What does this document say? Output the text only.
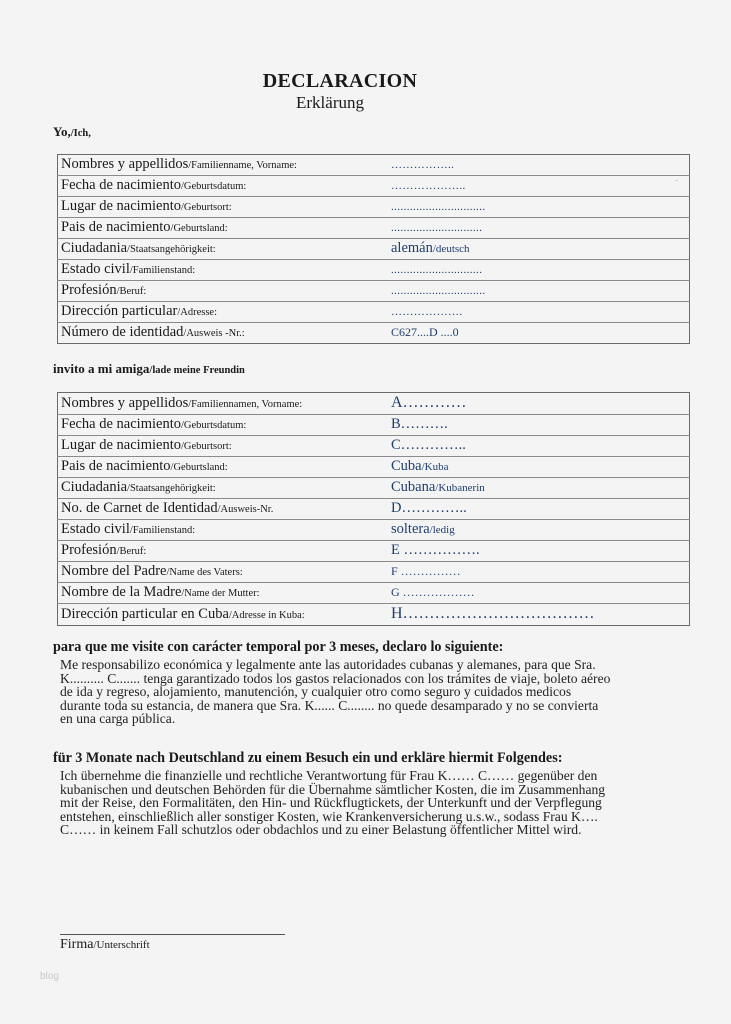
DECLARACION
Erklärung
Yo,/Ich,
Nombres y appellidos/Familienname, Vorname:	……………..
Fecha de nacimiento/Geburtsdatum:	………………..
Lugar de nacimiento/Geburtsort:	..............................
Pais de nacimiento/Geburtsland:	.............................
Ciudadania/Staatsangehörigkeit:	alemán/deutsch
Estado civil/Familienstand:	.............................
Profesión/Beruf:	..............................
Dirección particular/Adresse:	……………….
Número de identidad/Ausweis -Nr.:	C627....D ....0
invito a mi amiga/lade meine Freundin
Nombres y appellidos/Familiennamen, Vorname:	A…………
Fecha de nacimiento/Geburtsdatum:	B……….
Lugar de nacimiento/Geburtsort:	C…………..
Pais de nacimiento/Geburtsland:	Cuba/Kuba
Ciudadania/Staatsangehörigkeit:	Cubana/Kubanerin
No. de Carnet de Identidad/Ausweis-Nr.	D…………..
Estado civil/Familienstand:	soltera/ledig
Profesión/Beruf:	E …………….
Nombre del Padre/Name des Vaters:	F ……………
Nombre de la Madre/Name der Mutter:	G ………………
Dirección particular en Cuba/Adresse in Kuba:	H………………………………
para que me visite con carácter temporal por 3 meses, declaro lo siguiente:
Me responsabilizo económica y legalmente ante las autoridades cubanas y alemanes, para que Sra.
K.......... C....... tenga garantizado todos los gastos relacionados con los trámites de viaje, boleto aéreo
de ida y regreso, alojamiento, manutención, y cualquier otro como seguro y cuidados medicos
durante toda su estancia, de manera que Sra. K...... C........ no quede desamparado y no se convierta
en una carga pública.
für 3 Monate nach Deutschland zu einem Besuch ein und erkläre hiermit Folgendes:
Ich übernehme die finanzielle und rechtliche Verantwortung für Frau K…… C…… gegenüber den
kubanischen und deutschen Behörden für die Übernahme sämtlicher Kosten, die im Zusammenhang
mit der Reise, den Formalitäten, den Hin- und Rückflugtickets, der Unterkunft und der Verpflegung
entstehen, einschließlich aller sonstiger Kosten, wie Krankenversicherung u.s.w., sodass Frau K….
C…… in keinem Fall schutzlos oder obdachlos und zu einer Belastung öffentlicher Mittel wird.
Firma/Unterschrift
blog
